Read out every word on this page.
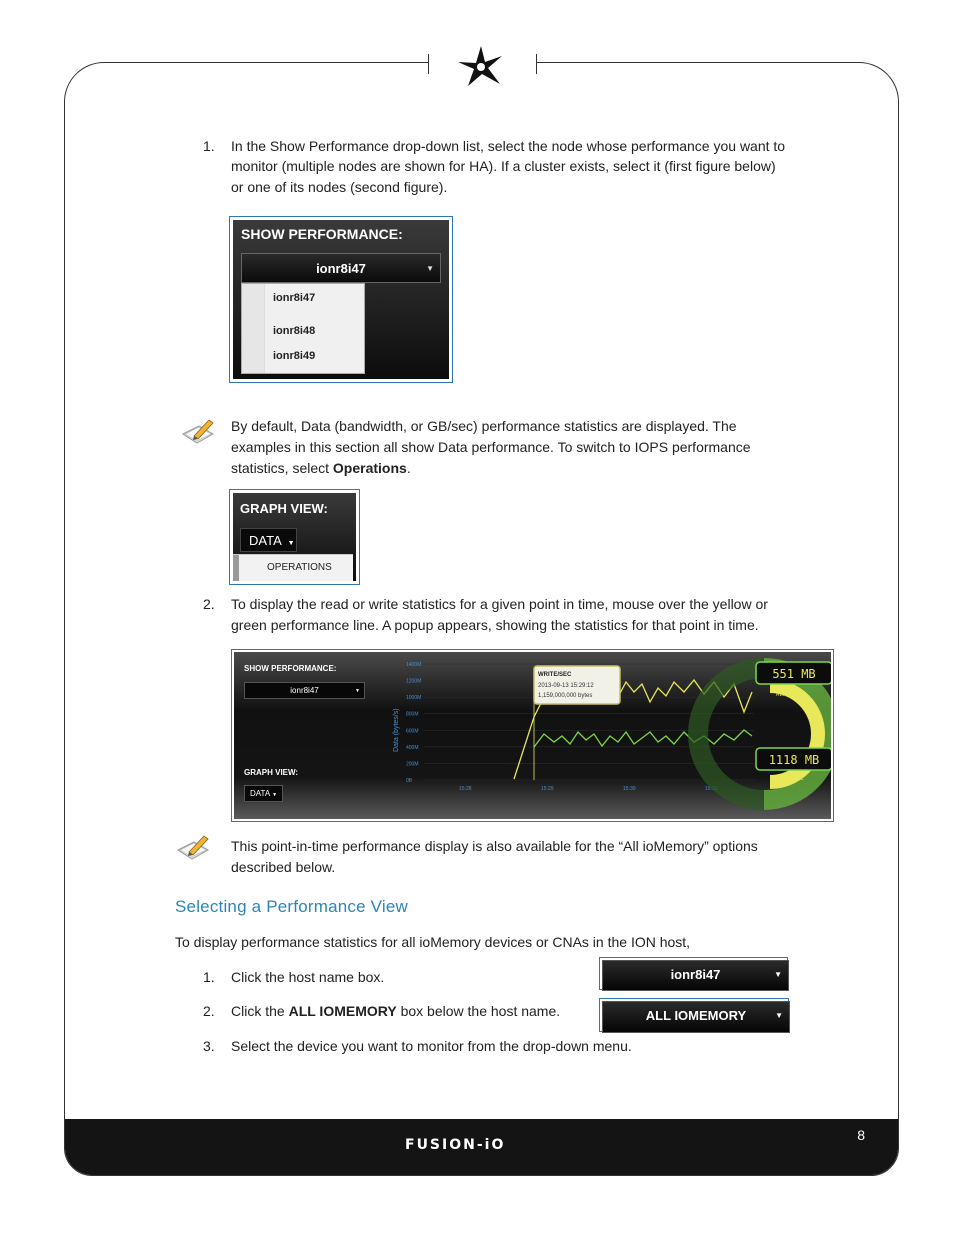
FUSION-iO
8
1. In the Show Performance drop-down list, select the node whose performance you want to
monitor (multiple nodes are shown for HA). If a cluster exists, select it (first figure below)
or one of its nodes (second figure).
SHOW PERFORMANCE:
ionr8i47	▼
ionr8i47
ionr8i48
ionr8i49
By default, Data (bandwidth, or GB/sec) performance statistics are displayed. The
examples in this section all show Data performance. To switch to IOPS performance
statistics, select Operations.
GRAPH VIEW:
DATA ▼
OPERATIONS
2. To display the read or write statistics for a given point in time, mouse over the yellow or
green performance line. A popup appears, showing the statistics for that point in time.
SHOW PERFORMANCE:
ionr8i47	▼
GRAPH VIEW:
DATA ▼
Data (bytes/s)
1400M
1200M
1000M
800M
600M
400M
200M
0B
15:28	15:29	15:30	15:31
WRITE/SEC
2013-09-13 15:29:12
1,159,000,000 bytes
551 MB
READ/SEC
1118 MB
WRITE/SEC
This point-in-time performance display is also available for the “All ioMemory” options
described below.
Selecting a Performance View
To display performance statistics for all ioMemory devices or CNAs in the ION host,
1. Click the host name box.
2. Click the ALL IOMEMORY box below the host name.
3. Select the device you want to monitor from the drop-down menu.
ionr8i47	▼
ALL IOMEMORY	▼
